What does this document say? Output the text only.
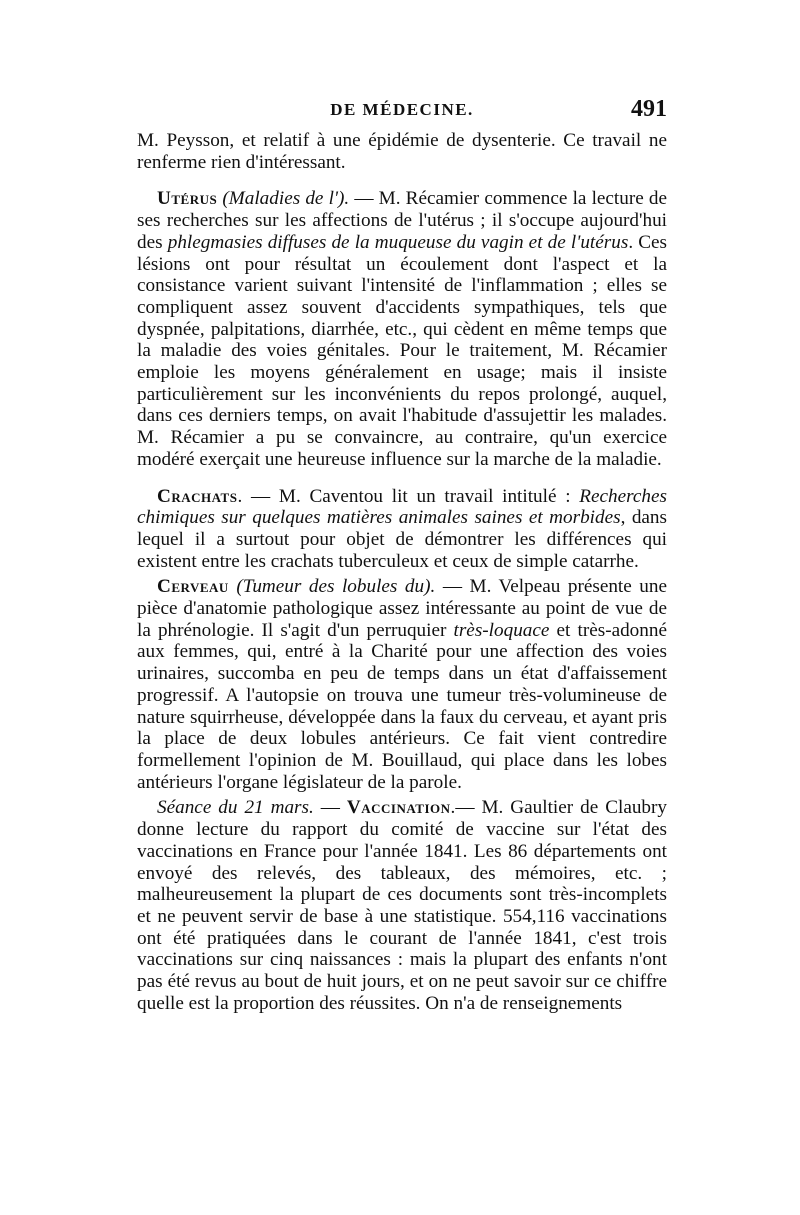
DE MÉDECINE.	491

M. Peysson, et relatif à une épidémie de dysenterie. Ce travail ne renferme rien d'intéressant.

Utérus (Maladies de l'). — M. Récamier commence la lecture de ses recherches sur les affections de l'utérus ; il s'occupe aujourd'hui des phlegmasies diffuses de la muqueuse du vagin et de l'utérus. Ces lésions ont pour résultat un écoulement dont l'aspect et la consistance varient suivant l'intensité de l'inflammation ; elles se compliquent assez souvent d'accidents sympathiques, tels que dyspnée, palpitations, diarrhée, etc., qui cèdent en même temps que la maladie des voies génitales. Pour le traitement, M. Récamier emploie les moyens généralement en usage; mais il insiste particulièrement sur les inconvénients du repos prolongé, auquel, dans ces derniers temps, on avait l'habitude d'assujettir les malades. M. Récamier a pu se convaincre, au contraire, qu'un exercice modéré exerçait une heureuse influence sur la marche de la maladie.

Crachats. — M. Caventou lit un travail intitulé : Recherches chimiques sur quelques matières animales saines et morbides, dans lequel il a surtout pour objet de démontrer les différences qui existent entre les crachats tuberculeux et ceux de simple catarrhe.

Cerveau (Tumeur des lobules du). — M. Velpeau présente une pièce d'anatomie pathologique assez intéressante au point de vue de la phrénologie. Il s'agit d'un perruquier très-loquace et très-adonné aux femmes, qui, entré à la Charité pour une affection des voies urinaires, succomba en peu de temps dans un état d'affaissement progressif. A l'autopsie on trouva une tumeur très-volumineuse de nature squirrheuse, développée dans la faux du cerveau, et ayant pris la place de deux lobules antérieurs. Ce fait vient contredire formellement l'opinion de M. Bouillaud, qui place dans les lobes antérieurs l'organe législateur de la parole.

Séance du 21 mars. — Vaccination.— M. Gaultier de Claubry donne lecture du rapport du comité de vaccine sur l'état des vaccinations en France pour l'année 1841. Les 86 départements ont envoyé des relevés, des tableaux, des mémoires, etc. ; malheureusement la plupart de ces documents sont très-incomplets et ne peuvent servir de base à une statistique. 554,116 vaccinations ont été pratiquées dans le courant de l'année 1841, c'est trois vaccinations sur cinq naissances : mais la plupart des enfants n'ont pas été revus au bout de huit jours, et on ne peut savoir sur ce chiffre quelle est la proportion des réussites. On n'a de renseignements
